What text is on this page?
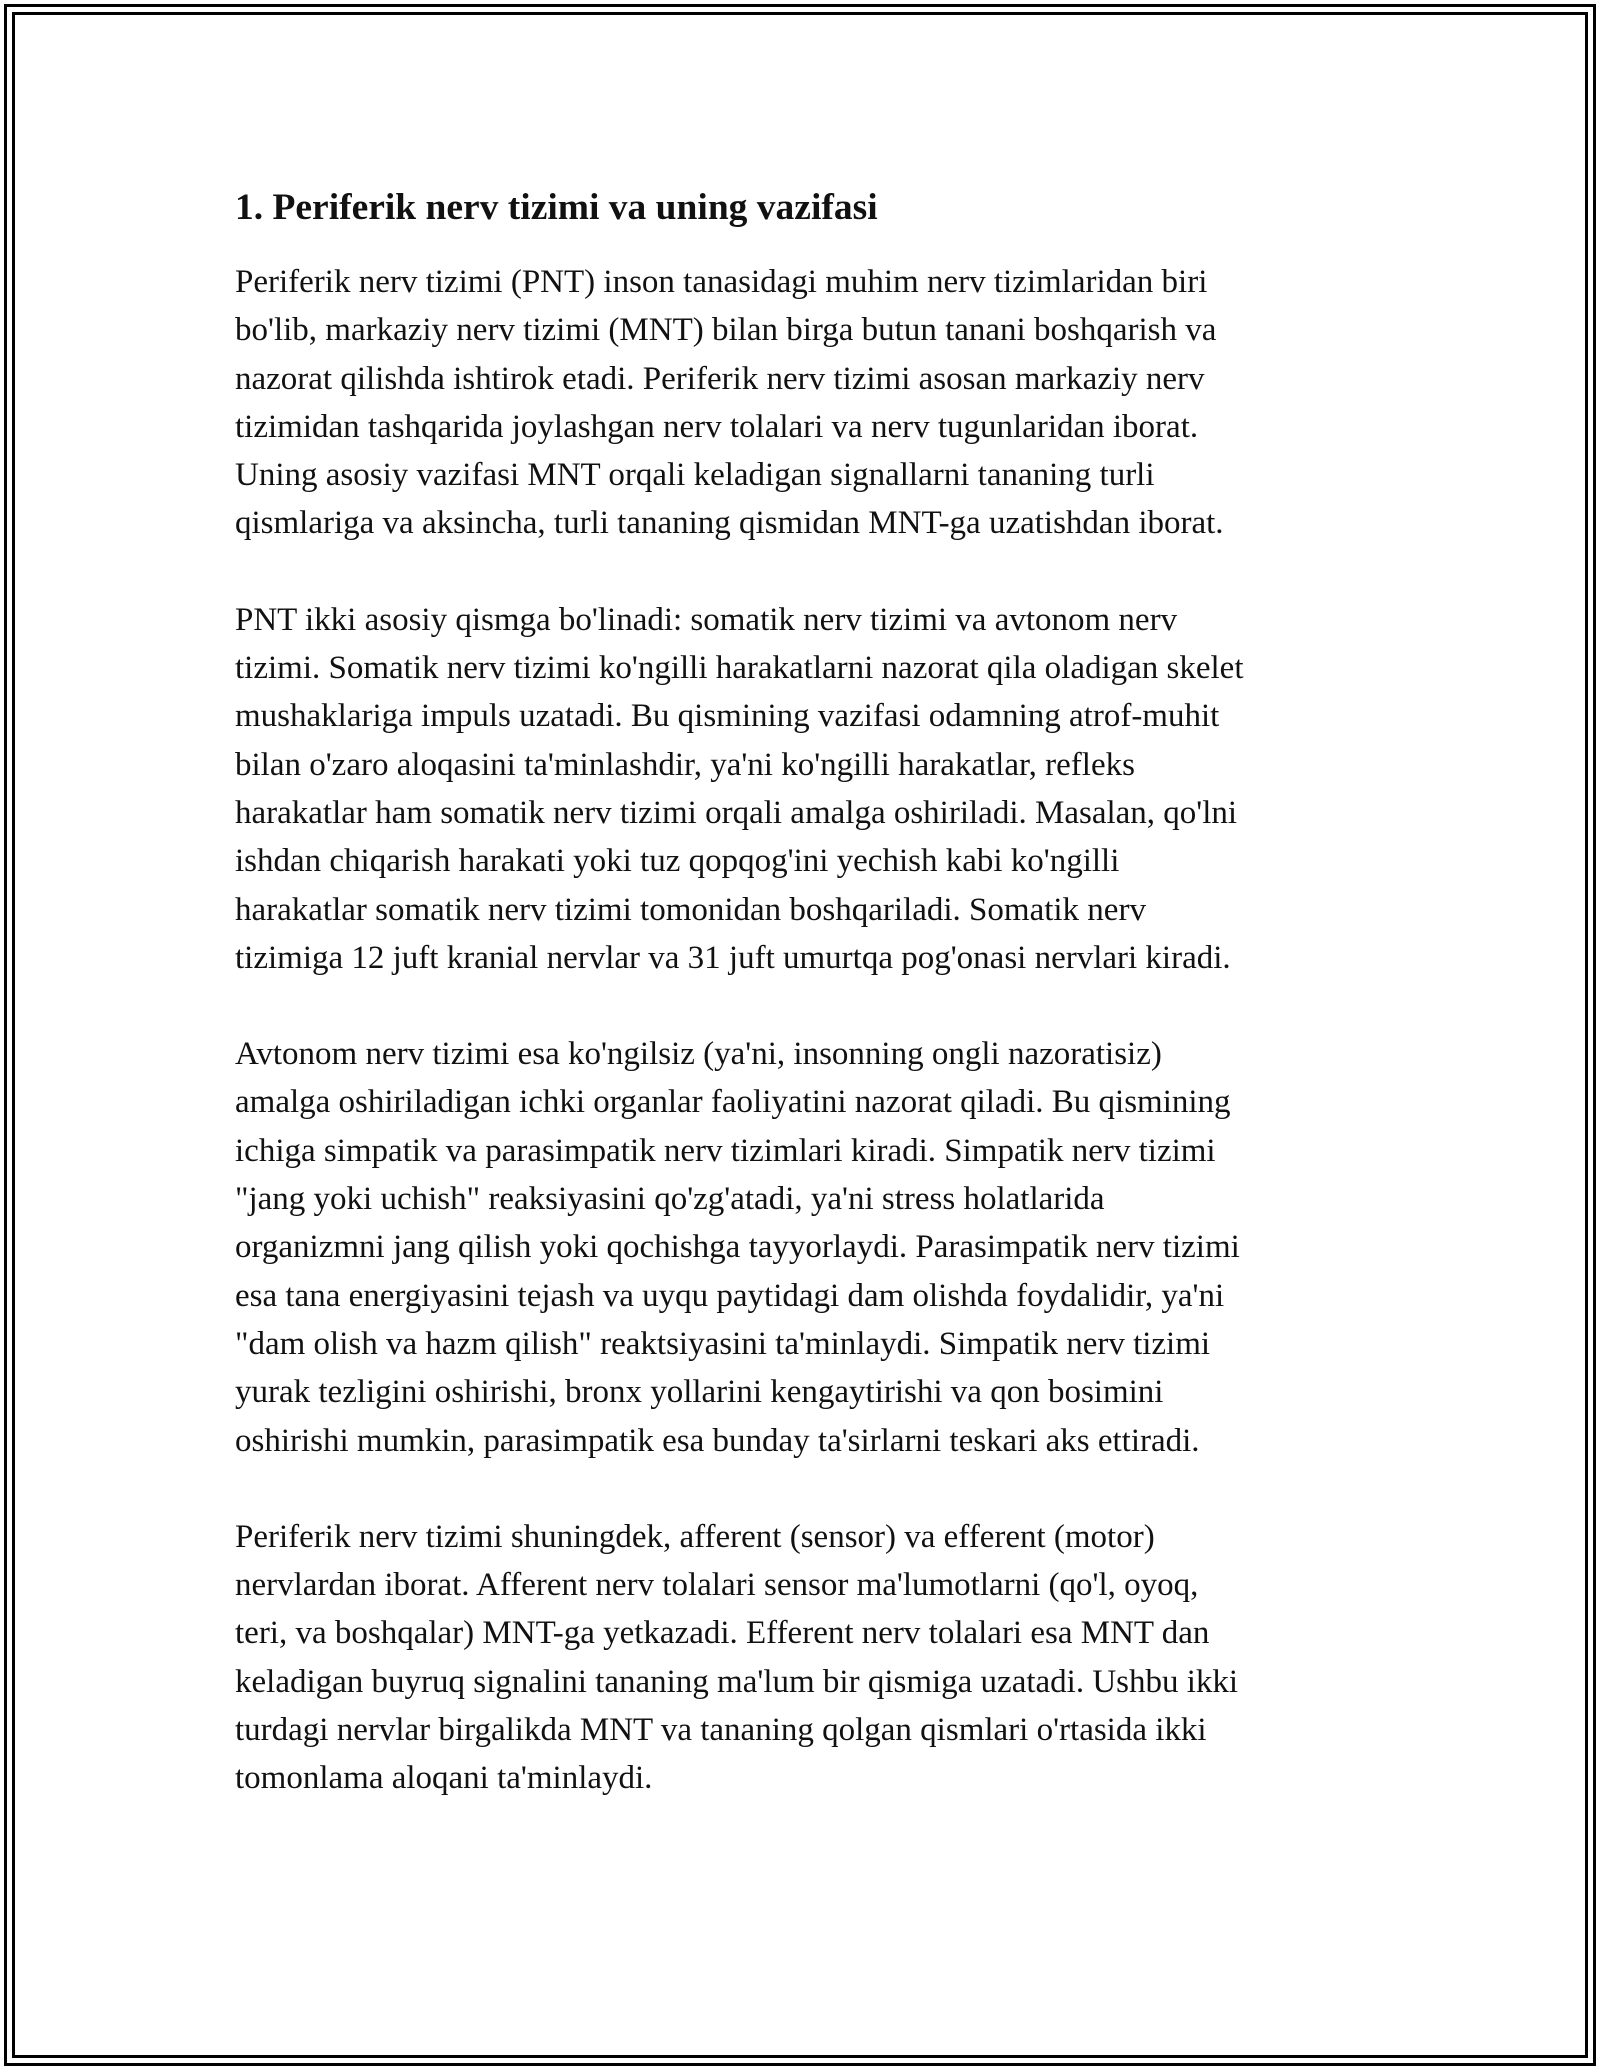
1. Periferik nerv tizimi va uning vazifasi

Periferik nerv tizimi (PNT) inson tanasidagi muhim nerv tizimlaridan biri
bo'lib, markaziy nerv tizimi (MNT) bilan birga butun tanani boshqarish va
nazorat qilishda ishtirok etadi. Periferik nerv tizimi asosan markaziy nerv
tizimidan tashqarida joylashgan nerv tolalari va nerv tugunlaridan iborat.
Uning asosiy vazifasi MNT orqali keladigan signallarni tananing turli
qismlariga va aksincha, turli tananing qismidan MNT-ga uzatishdan iborat.

PNT ikki asosiy qismga bo'linadi: somatik nerv tizimi va avtonom nerv
tizimi. Somatik nerv tizimi ko'ngilli harakatlarni nazorat qila oladigan skelet
mushaklariga impuls uzatadi. Bu qismining vazifasi odamning atrof-muhit
bilan o'zaro aloqasini ta'minlashdir, ya'ni ko'ngilli harakatlar, refleks
harakatlar ham somatik nerv tizimi orqali amalga oshiriladi. Masalan, qo'lni
ishdan chiqarish harakati yoki tuz qopqog'ini yechish kabi ko'ngilli
harakatlar somatik nerv tizimi tomonidan boshqariladi. Somatik nerv
tizimiga 12 juft kranial nervlar va 31 juft umurtqa pog'onasi nervlari kiradi.

Avtonom nerv tizimi esa ko'ngilsiz (ya'ni, insonning ongli nazoratisiz)
amalga oshiriladigan ichki organlar faoliyatini nazorat qiladi. Bu qismining
ichiga simpatik va parasimpatik nerv tizimlari kiradi. Simpatik nerv tizimi
"jang yoki uchish" reaksiyasini qo'zg'atadi, ya'ni stress holatlarida
organizmni jang qilish yoki qochishga tayyorlaydi. Parasimpatik nerv tizimi
esa tana energiyasini tejash va uyqu paytidagi dam olishda foydalidir, ya'ni
"dam olish va hazm qilish" reaktsiyasini ta'minlaydi. Simpatik nerv tizimi
yurak tezligini oshirishi, bronx yollarini kengaytirishi va qon bosimini
oshirishi mumkin, parasimpatik esa bunday ta'sirlarni teskari aks ettiradi.

Periferik nerv tizimi shuningdek, afferent (sensor) va efferent (motor)
nervlardan iborat. Afferent nerv tolalari sensor ma'lumotlarni (qo'l, oyoq,
teri, va boshqalar) MNT-ga yetkazadi. Efferent nerv tolalari esa MNT dan
keladigan buyruq signalini tananing ma'lum bir qismiga uzatadi. Ushbu ikki
turdagi nervlar birgalikda MNT va tananing qolgan qismlari o'rtasida ikki
tomonlama aloqani ta'minlaydi.
